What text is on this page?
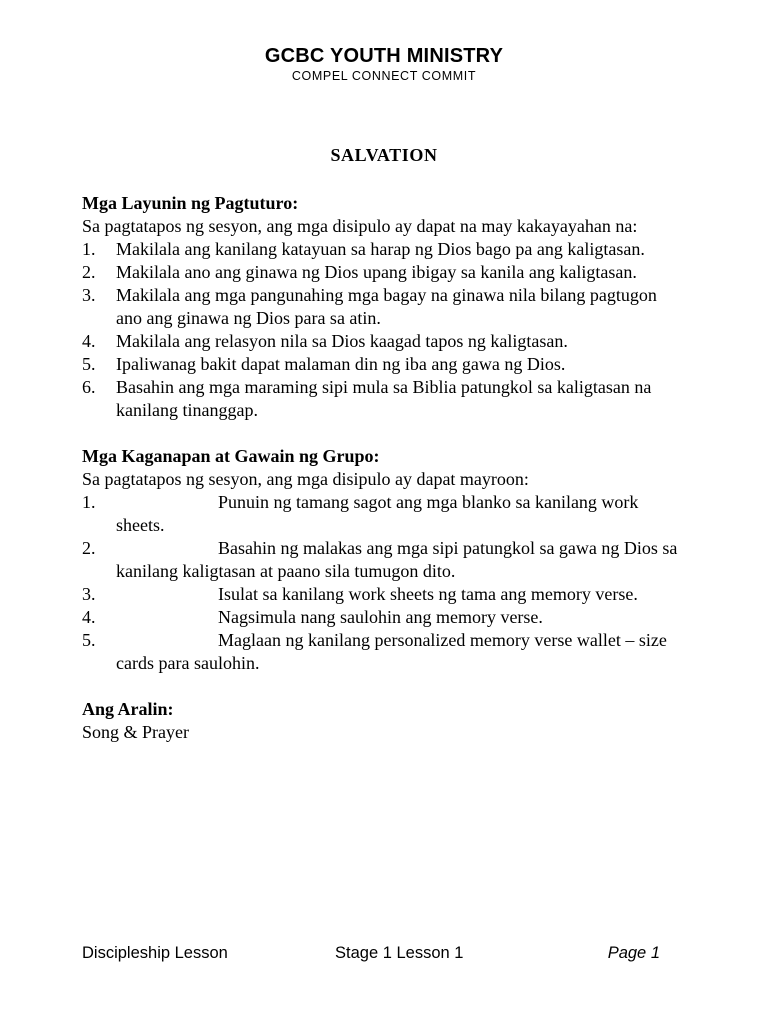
GCBC YOUTH MINISTRY
COMPEL CONNECT COMMIT
SALVATION
Mga Layunin ng Pagtuturo:

Sa pagtatapos ng sesyon, ang mga disipulo ay dapat na may kakayayahan na:

1. Makilala ang kanilang katayuan sa harap ng Dios bago pa ang kaligtasan.
2. Makilala ano ang ginawa ng Dios upang ibigay sa kanila ang kaligtasan.
3. Makilala ang mga pangunahing mga bagay na ginawa nila bilang pagtugon ano ang ginawa ng Dios para sa atin.
4. Makilala ang relasyon nila sa Dios kaagad tapos ng kaligtasan.
5. Ipaliwanag bakit dapat malaman din ng iba ang gawa ng Dios.
6. Basahin ang mga maraming sipi mula sa Biblia patungkol sa kaligtasan na kanilang tinanggap.
Mga Kaganapan at Gawain ng Grupo:

Sa pagtatapos ng sesyon, ang mga disipulo ay dapat mayroon:

1.	Punuin ng tamang sagot ang mga blanko sa kanilang work sheets.
2.	Basahin ng malakas ang mga sipi patungkol sa gawa ng Dios sa kanilang kaligtasan at paano sila tumugon dito.
3.	Isulat sa kanilang work sheets ng tama ang memory verse.
4.	Nagsimula nang saulohin ang memory verse.
5.	Maglaan ng kanilang personalized memory verse wallet – size cards para saulohin.
Ang Aralin:

Song & Prayer

Discipleship Lesson	Stage 1 Lesson 1	Page 1
